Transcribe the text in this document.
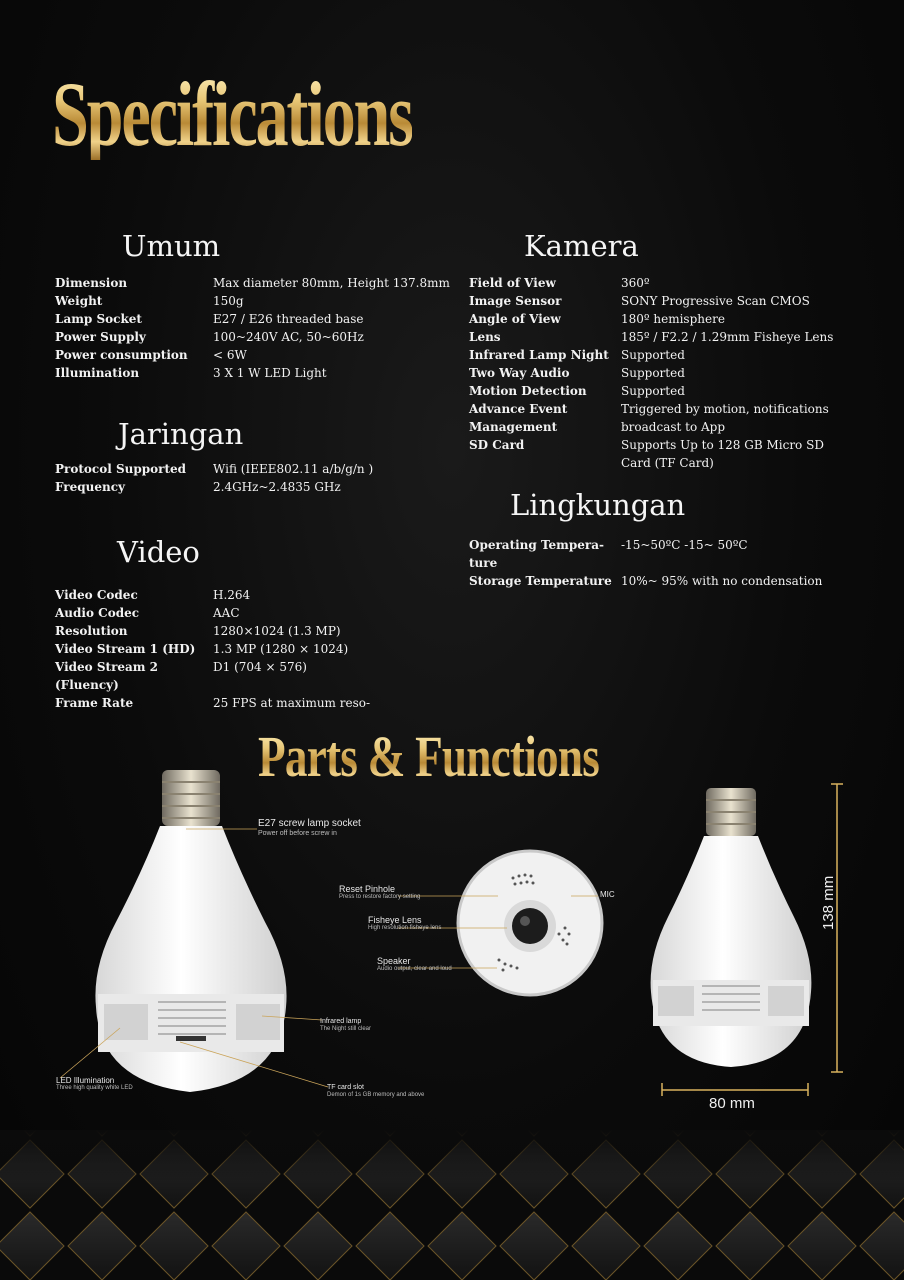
Specifications
Umum	Kamera
Jaringan
Video
Lingkungan
Dimension	Max diameter 80mm, Height 137.8mm
Weight	150g
Lamp Socket	E27 / E26 threaded base
Power Supply	100~240V AC, 50~60Hz
Power consumption	< 6W
Illumination	3 X 1 W LED Light
Protocol Supported	Wifi (IEEE802.11 a/b/g/n )
Frequency	2.4GHz~2.4835 GHz
Video Codec	H.264
Audio Codec	AAC
Resolution	1280×1024 (1.3 MP)
Video Stream 1 (HD)	1.3 MP (1280 × 1024)
Video Stream 2 (Fluency)	D1 (704 × 576)
Frame Rate	25 FPS at maximum reso-
Field of View	360º
Image Sensor	SONY Progressive Scan CMOS
Angle of View	180º hemisphere
Lens	185º / F2.2 / 1.29mm Fisheye Lens
Infrared Lamp Night	Supported
Two Way Audio	Supported
Motion Detection	Supported
Advance Event Management	Triggered by motion, notifications broadcast to App
SD Card	Supports Up to 128 GB Micro SD Card (TF Card)
Operating Tempera- ture	-15~50ºC -15~ 50ºC
Storage Temperature	10%~ 95% with no condensation
Parts & Functions
138 mm
80 mm
E27 screw lamp socket
Power off before screw in
Reset Pinhole
Press to restore factory setting
Fisheye Lens
High resolution fisheye lens
Speaker
Audio output, clear and loud
MIC
Infrared lamp
The Night still clear
LED Illumination
Three high quality white LED	TF card slot
Demon of 1s GB memory and above
